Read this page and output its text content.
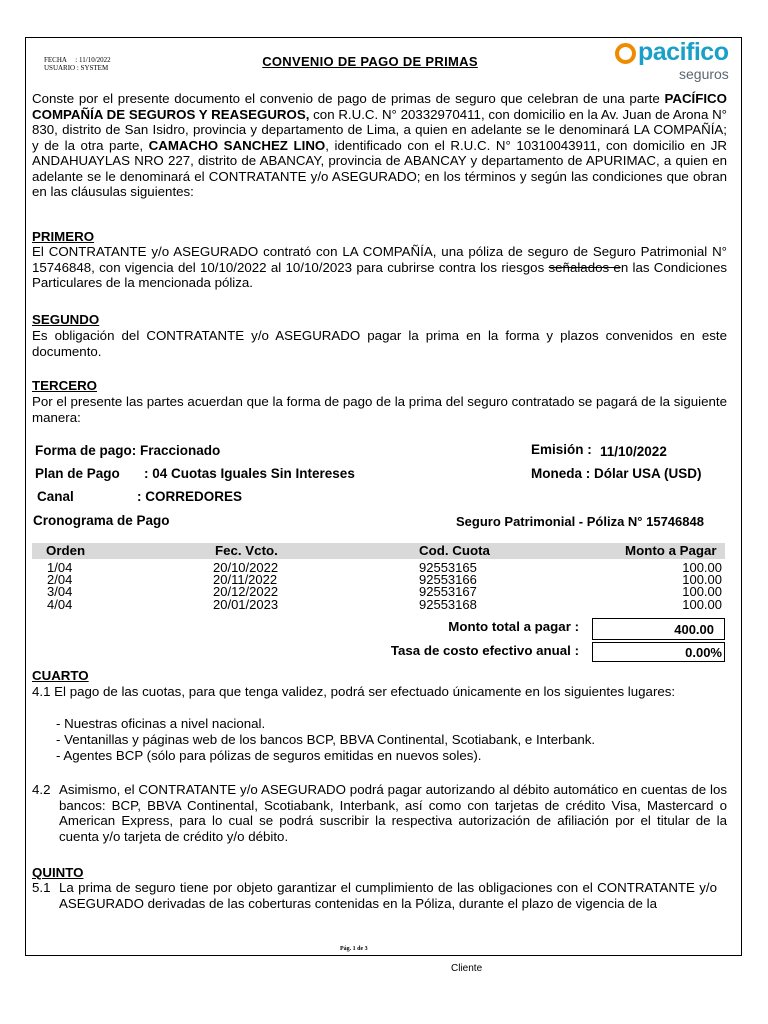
FECHA     : 11/10/2022
USUARIO : SYSTEM	CONVENIO DE PAGO DE PRIMAS	pacifico
seguros
Conste por el presente documento el convenio de pago de primas de seguro que celebran de una parte PACÍFICO COMPAÑÍA DE SEGUROS Y REASEGUROS, con R.U.C. N° 20332970411, con domicilio en la Av. Juan de Arona N° 830, distrito de San Isidro, provincia y departamento de Lima, a quien en adelante se le denominará LA COMPAÑÍA; y de la otra parte, CAMACHO SANCHEZ LINO, identificado con el R.U.C. N° 10310043911, con domicilio en JR ANDAHUAYLAS NRO 227, distrito de ABANCAY, provincia de ABANCAY y departamento de APURIMAC, a quien en adelante se le denominará el CONTRATANTE y/o ASEGURADO; en los términos y según las condiciones que obran en las cláusulas siguientes:
PRIMERO
El CONTRATANTE y/o ASEGURADO contrató con LA COMPAÑÍA, una póliza de seguro de Seguro Patrimonial N° 15746848, con vigencia del 10/10/2022 al 10/10/2023 para cubrirse contra los riesgos señalados en las Condiciones Particulares de la mencionada póliza.
SEGUNDO
Es obligación del CONTRATANTE y/o ASEGURADO pagar la prima en la forma y plazos convenidos en este documento.
TERCERO
Por el presente las partes acuerdan que la forma de pago de la prima del seguro contratado se pagará de la siguiente manera:
Forma de pago: Fraccionado
Plan de Pago : 04 Cuotas Iguales Sin Intereses
Canal	: CORREDORES
Emisión : 11/10/2022
Moneda : Dólar USA (USD)
Cronograma de Pago	Seguro Patrimonial - Póliza N° 15746848
Orden	Fec. Vcto.	Cod. Cuota	Monto a Pagar
1/04	20/10/2022	92553165	100.00
2/04	20/11/2022	92553166	100.00
3/04	20/12/2022	92553167	100.00
4/04	20/01/2023	92553168	100.00
Monto total a pagar :	400.00
Tasa de costo efectivo anual :	0.00%
CUARTO
4.1 El pago de las cuotas, para que tenga validez, podrá ser efectuado únicamente en los siguientes lugares:
- Nuestras oficinas a nivel nacional.
- Ventanillas y páginas web de los bancos BCP, BBVA Continental, Scotiabank, e Interbank.
- Agentes BCP (sólo para pólizas de seguros emitidas en nuevos soles).
4.2 Asimismo, el CONTRATANTE y/o ASEGURADO podrá pagar autorizando al débito automático en cuentas de los bancos: BCP, BBVA Continental, Scotiabank, Interbank, así como con tarjetas de crédito Visa, Mastercard o American Express, para lo cual se podrá suscribir la respectiva autorización de afiliación por el titular de la cuenta y/o tarjeta de crédito y/o débito.
QUINTO
5.1 La prima de seguro tiene por objeto garantizar el cumplimiento de las obligaciones con el CONTRATANTE y/o ASEGURADO derivadas de las coberturas contenidas en la Póliza, durante el plazo de vigencia de la
Pág. 1 de 3
Cliente
